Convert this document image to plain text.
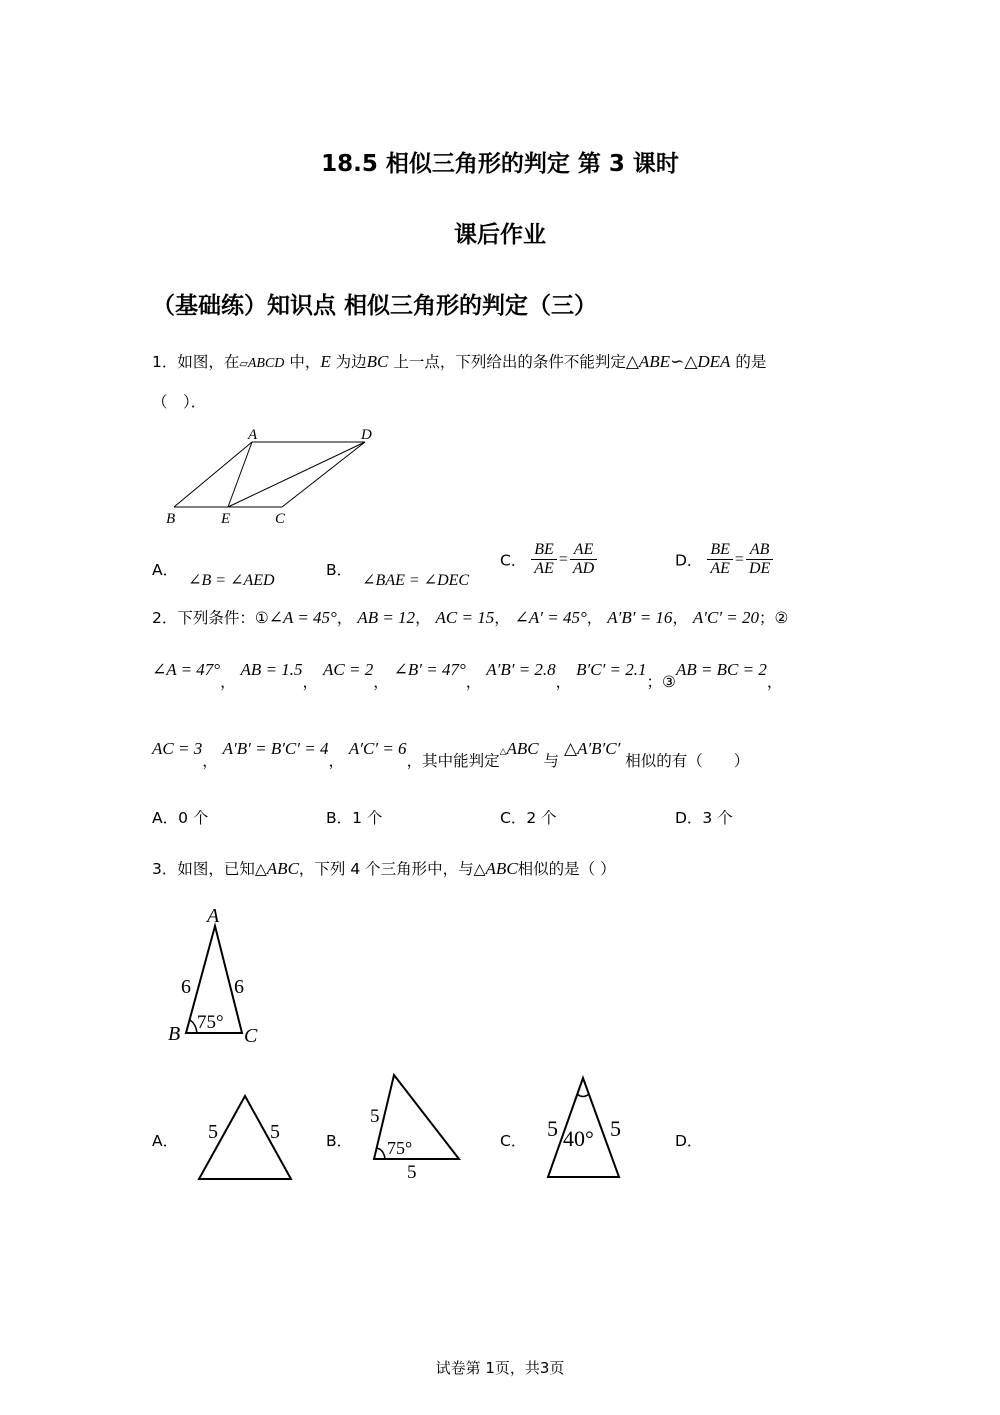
18.5 相似三角形的判定 第 3 课时
课后作业
（基础练）知识点 相似三角形的判定（三）
1．如图，在▱ABCD 中，E 为边BC 上一点，下列给出的条件不能判定△ABE∽△DEA 的是
（　）．
A	D
B	E	C
A．∠B = ∠AED
B．∠BAE = ∠DEC
C． $\frac{BE}{AE} = \frac{AE}{AD}$	D． $\frac{BE}{AE} = \frac{AB}{DE}$
2．下列条件：①∠A = 45°， AB = 12， AC = 15， ∠A′ = 45°， A′B′ = 16， A′C′ = 20；②
∠A = 47°， AB = 1.5， AC = 2， ∠B′ = 47°， A′B′ = 2.8， B′C′ = 2.1；③AB = BC = 2，
AC = 3， A′B′ = B′C′ = 4， A′C′ = 6，其中能判定△ABC 与 △A′B′C′ 相似的有（　　）
A．0 个	B．1 个	C．2 个	D．3 个
3．如图，已知△ABC，下列 4 个三角形中，与△ABC相似的是（ ）
A
B	C
6 6
75°
A． 5	5	B．
5
75°
5
C． 5 40° 5	D．
试卷第 1页，共3页
